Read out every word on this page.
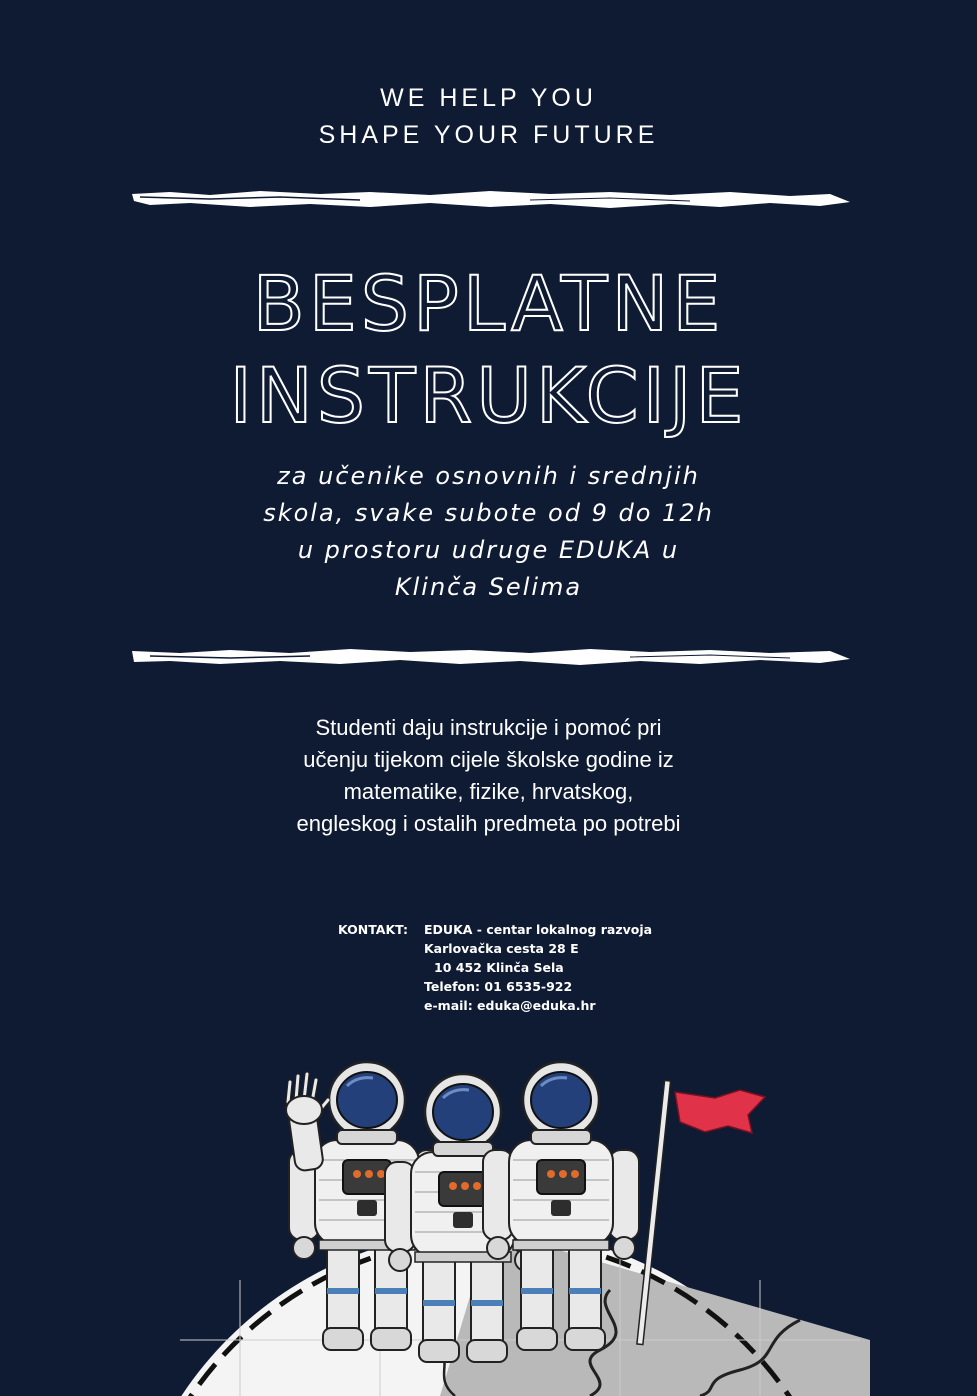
WE HELP YOU
SHAPE YOUR FUTURE
BESPLATNE
INSTRUKCIJE
za učenike osnovnih i srednjih
skola, svake subote od 9 do 12h
u prostoru udruge EDUKA u
Klinča Selima
Studenti daju instrukcije i pomoć pri
učenju tijekom cijele školske godine iz
matematike, fizike, hrvatskog,
engleskog i ostalih predmeta po potrebi
KONTAKT:	EDUKA - centar lokalnog razvoja
Karlovačka cesta 28 E
10 452 Klinča Sela
Telefon: 01 6535-922
e-mail: eduka@eduka.hr
